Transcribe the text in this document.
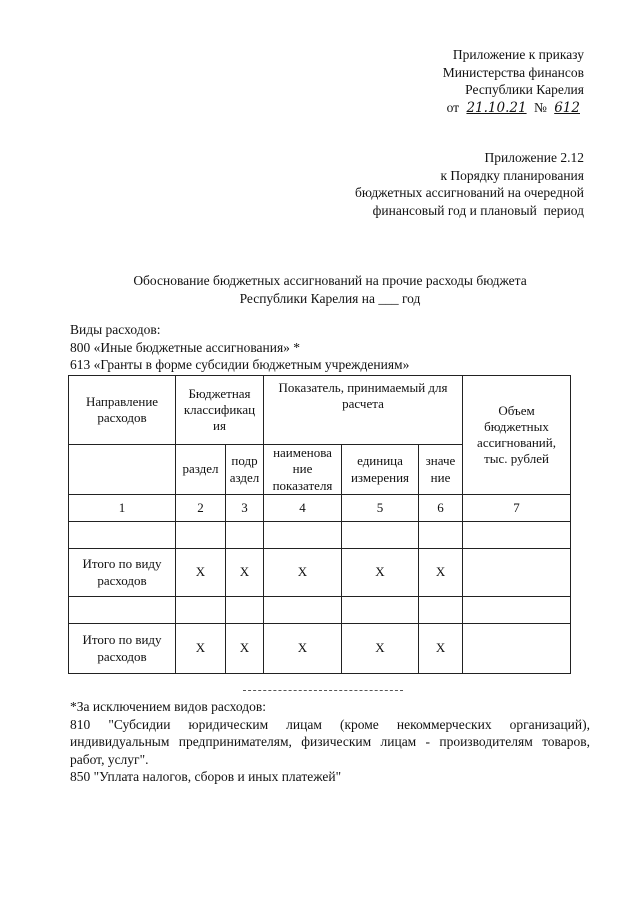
Приложение к приказу
Министерства финансов
Республики Карелия
от 21.10.21 № 612
Приложение 2.12
к Порядку планирования
бюджетных ассигнований на очередной
финансовый год и плановый  период
Обоснование бюджетных ассигнований на прочие расходы бюджета
Республики Карелия на ___ год
Виды расходов:
800 «Иные бюджетные ассигнования» *
613 «Гранты в форме субсидии бюджетным учреждениям»
Направление расходов	Бюджетная классификац ия		Показатель, принимаемый для расчета			Объем бюджетных ассигнований, тыс. рублей

	раздел	подр аздел	наименова ние показателя	единица измерения	значе ние	
1	2	3	4	5	6	7

Итого по виду расходов	X	X	X	X	X	

Итого по виду расходов	X	X	X	X	X	

*За исключением видов расходов:

810 "Субсидии юридическим лицам (кроме некоммерческих организаций), индивидуальным предпринимателям, физическим лицам - производителям товаров, работ, услуг".

850 "Уплата налогов, сборов и иных платежей"
